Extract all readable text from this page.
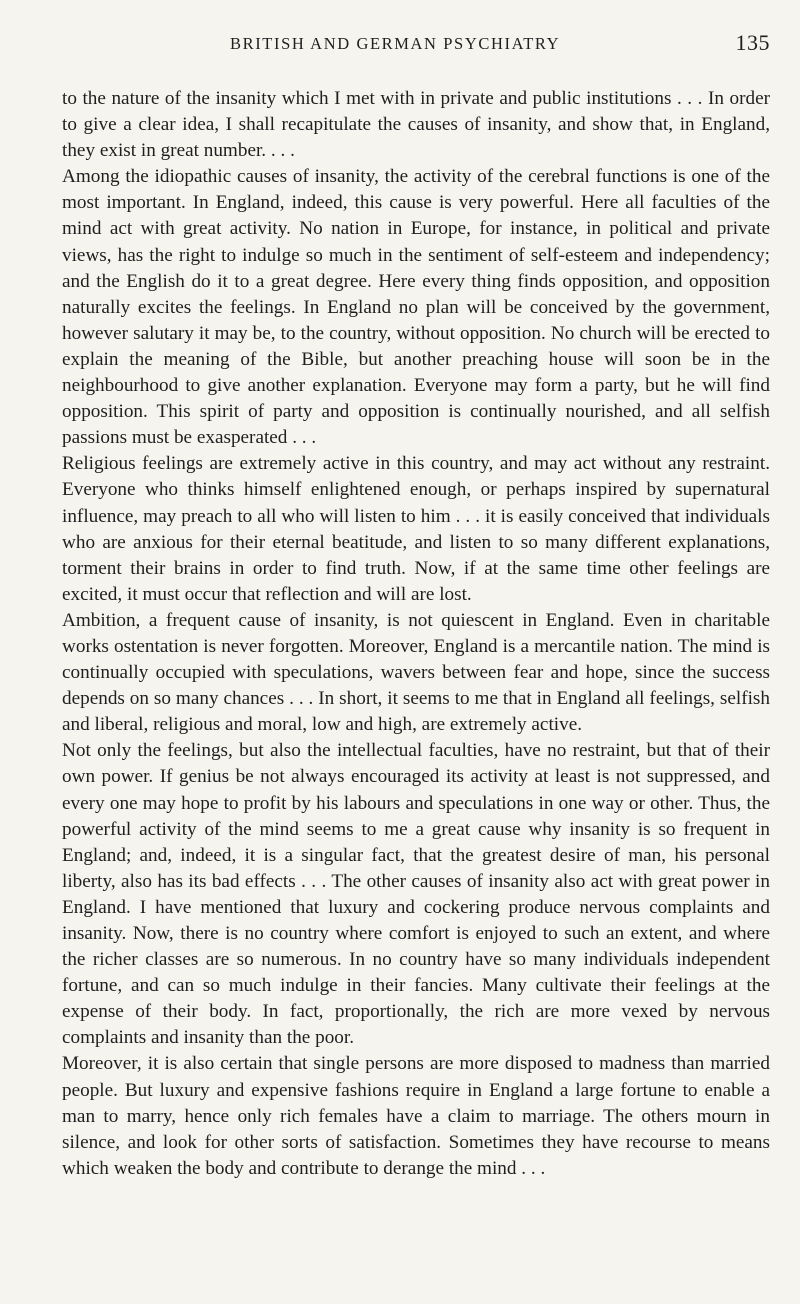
BRITISH AND GERMAN PSYCHIATRY	135

to the nature of the insanity which I met with in private and public institutions . . . In order to give a clear idea, I shall recapitulate the causes of insanity, and show that, in England, they exist in great number. . . .

Among the idiopathic causes of insanity, the activity of the cerebral functions is one of the most important. In England, indeed, this cause is very powerful. Here all faculties of the mind act with great activity. No nation in Europe, for instance, in political and private views, has the right to indulge so much in the sentiment of self-esteem and independency; and the English do it to a great degree. Here every thing finds opposition, and opposition naturally excites the feelings. In England no plan will be conceived by the government, however salutary it may be, to the country, without opposition. No church will be erected to explain the meaning of the Bible, but another preaching house will soon be in the neighbourhood to give another explanation. Everyone may form a party, but he will find opposition. This spirit of party and opposition is continually nourished, and all selfish passions must be exasperated . . .

Religious feelings are extremely active in this country, and may act without any restraint. Everyone who thinks himself enlightened enough, or perhaps inspired by supernatural influence, may preach to all who will listen to him . . . it is easily conceived that individuals who are anxious for their eternal beatitude, and listen to so many different explanations, torment their brains in order to find truth. Now, if at the same time other feelings are excited, it must occur that reflection and will are lost.

Ambition, a frequent cause of insanity, is not quiescent in England. Even in charitable works ostentation is never forgotten. Moreover, England is a mercantile nation. The mind is continually occupied with speculations, wavers between fear and hope, since the success depends on so many chances . . . In short, it seems to me that in England all feelings, selfish and liberal, religious and moral, low and high, are extremely active.

Not only the feelings, but also the intellectual faculties, have no restraint, but that of their own power. If genius be not always encouraged its activity at least is not suppressed, and every one may hope to profit by his labours and speculations in one way or other. Thus, the powerful activity of the mind seems to me a great cause why insanity is so frequent in England; and, indeed, it is a singular fact, that the greatest desire of man, his personal liberty, also has its bad effects . . . The other causes of insanity also act with great power in England. I have mentioned that luxury and cockering produce nervous complaints and insanity. Now, there is no country where comfort is enjoyed to such an extent, and where the richer classes are so numerous. In no country have so many individuals independent fortune, and can so much indulge in their fancies. Many cultivate their feelings at the expense of their body. In fact, proportionally, the rich are more vexed by nervous complaints and insanity than the poor.

Moreover, it is also certain that single persons are more disposed to madness than married people. But luxury and expensive fashions require in England a large fortune to enable a man to marry, hence only rich females have a claim to marriage. The others mourn in silence, and look for other sorts of satisfaction. Sometimes they have recourse to means which weaken the body and contribute to derange the mind . . .
